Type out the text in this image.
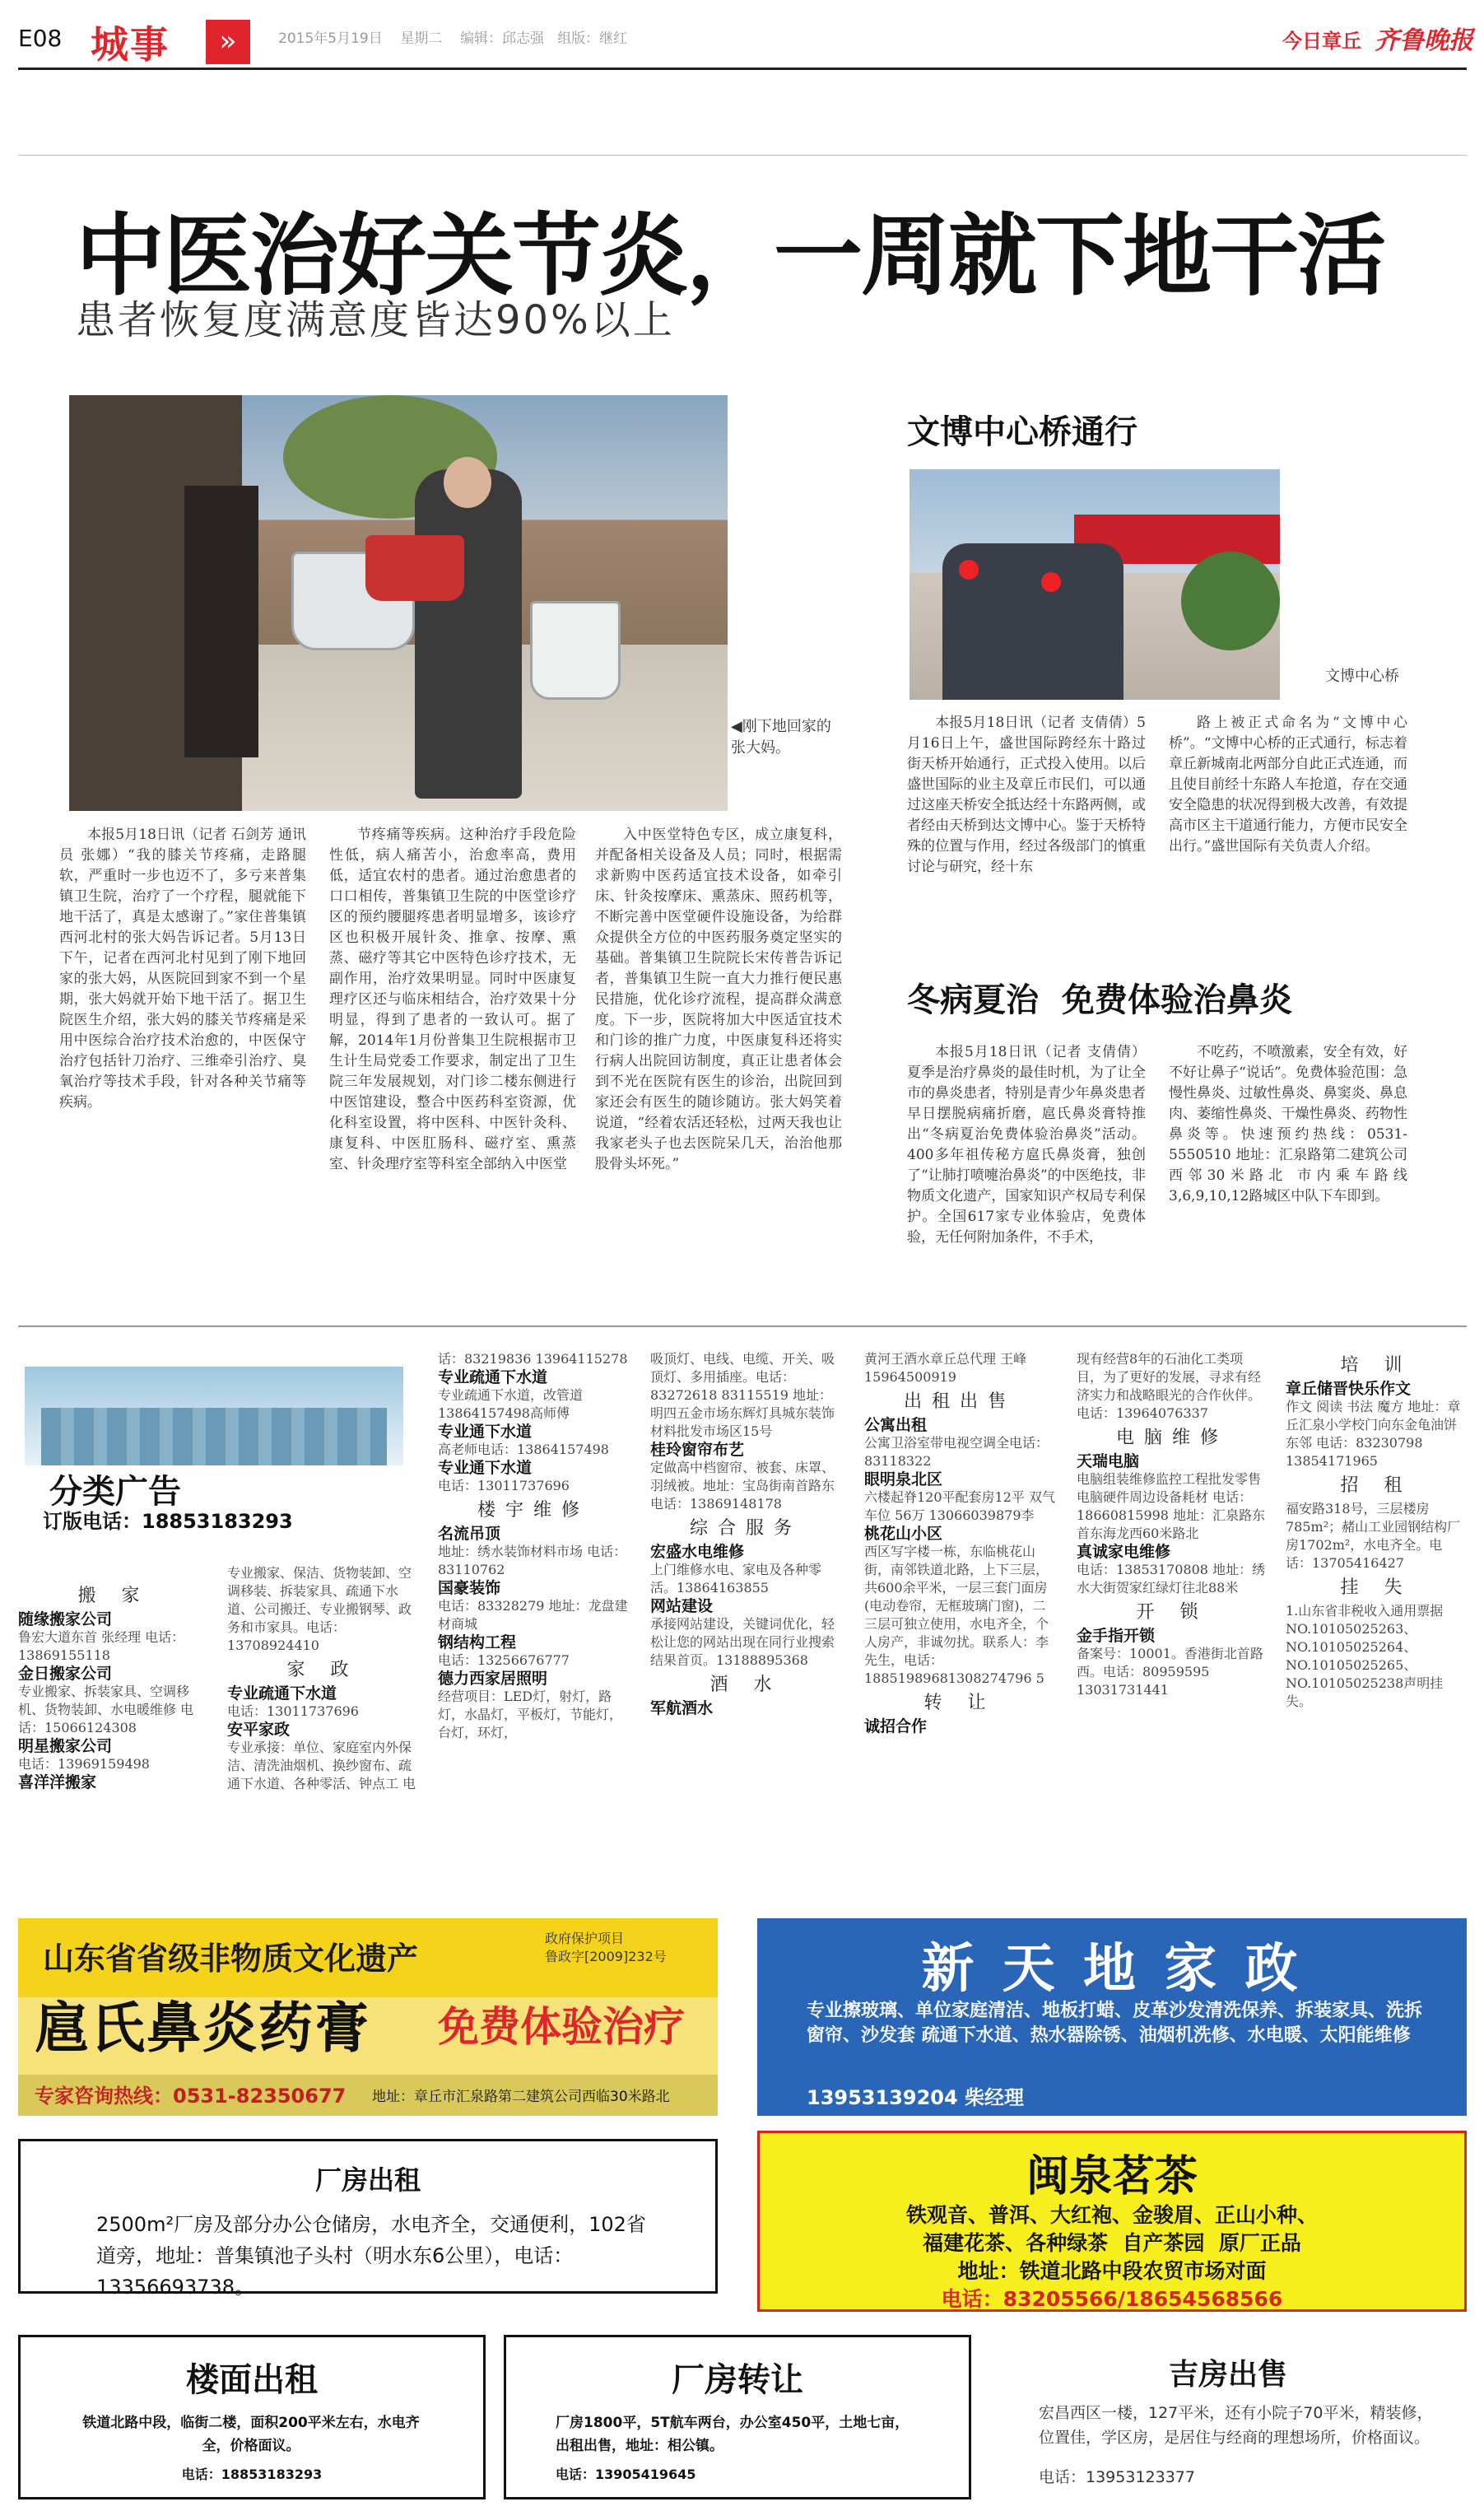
E08 城事	»	2015年5月19日 星期二 编辑：邱志强 组版：继红	今日章丘 齐鲁晚报
中医治好关节炎，一周就下地干活
患者恢复度满意度皆达90%以上
◀刚下地回家的张大妈。

本报5月18日讯（记者 石剑芳 通讯员 张娜）“我的膝关节疼痛，走路腿软，严重时一步也迈不了，多亏来普集镇卫生院，治疗了一个疗程，腿就能下地干活了，真是太感谢了。”家住普集镇西河北村的张大妈告诉记者。5月13日下午，记者在西河北村见到了刚下地回家的张大妈，从医院回到家不到一个星期，张大妈就开始下地干活了。据卫生院医生介绍，张大妈的膝关节疼痛是采用中医综合治疗技术治愈的，中医保守治疗包括针刀治疗、三维牵引治疗、臭氧治疗等技术手段，针对各种关节痛等疾病。

节疼痛等疾病。这种治疗手段危险性低，病人痛苦小，治愈率高，费用低，适宜农村的患者。通过治愈患者的口口相传，普集镇卫生院的中医堂诊疗区的预约腰腿疼患者明显增多，该诊疗区也积极开展针灸、推拿、按摩、熏蒸、磁疗等其它中医特色诊疗技术，无副作用，治疗效果明显。同时中医康复理疗区还与临床相结合，治疗效果十分明显，得到了患者的一致认可。据了解，2014年1月份普集卫生院根据市卫生计生局党委工作要求，制定出了卫生院三年发展规划，对门诊二楼东侧进行中医馆建设，整合中医药科室资源，优化科室设置，将中医科、中医针灸科、康复科、中医肛肠科、磁疗室、熏蒸室、针灸理疗室等科室全部纳入中医堂

入中医堂特色专区，成立康复科，并配备相关设备及人员；同时，根据需求新购中医药适宜技术设备，如牵引床、针灸按摩床、熏蒸床、照药机等，不断完善中医堂硬件设施设备，为给群众提供全方位的中医药服务奠定坚实的基础。普集镇卫生院院长宋传普告诉记者，普集镇卫生院一直大力推行便民惠民措施，优化诊疗流程，提高群众满意度。下一步，医院将加大中医适宜技术和门诊的推广力度，中医康复科还将实行病人出院回访制度，真正让患者体会到不光在医院有医生的诊治，出院回到家还会有医生的随诊随访。张大妈笑着说道，“经着农活还轻松，过两天我也让我家老头子也去医院呆几天，治治他那股骨头坏死。”

文博中心桥通行
文博中心桥

本报5月18日讯（记者 支倩倩）5月16日上午，盛世国际跨经东十路过街天桥开始通行，正式投入使用。以后盛世国际的业主及章丘市民们，可以通过这座天桥安全抵达经十东路两侧，或者经由天桥到达文博中心。鉴于天桥特殊的位置与作用，经过各级部门的慎重讨论与研究，经十东

路上被正式命名为“文博中心桥”。“文博中心桥的正式通行，标志着章丘新城南北两部分自此正式连通，而且使目前经十东路人车抢道，存在交通安全隐患的状况得到极大改善，有效提高市区主干道通行能力，方便市民安全出行。”盛世国际有关负责人介绍。

冬病夏治  免费体验治鼻炎

本报5月18日讯（记者 支倩倩）夏季是治疗鼻炎的最佳时机，为了让全市的鼻炎患者，特别是青少年鼻炎患者早日摆脱病痛折磨，扈氏鼻炎膏特推出“冬病夏治免费体验治鼻炎”活动。400多年祖传秘方扈氏鼻炎膏，独创了“让肺打喷嚏治鼻炎”的中医绝技，非物质文化遗产，国家知识产权局专利保护。全国617家专业体验店，免费体验，无任何附加条件，不手术，

不吃药，不喷激素，安全有效，好不好让鼻子“说话”。免费体验范围：急慢性鼻炎、过敏性鼻炎、鼻窦炎、鼻息肉、萎缩性鼻炎、干燥性鼻炎、药物性鼻炎等。快速预约热线：0531-5550510 地址：汇泉路第二建筑公司西邻30米路北 市内乘车路线3,6,9,10,12路城区中队下车即到。

分类广告
订版电话：18853183293
搬 家
随缘搬家公司
鲁宏大道东首 张经理 电话：13869155118
金日搬家公司
专业搬家、拆装家具、空调移机、货物装卸、水电暖维修 电话：15066124308
明星搬家公司
电话：13969159498
喜洋洋搬家
专业搬家、保洁、货物装卸、空调移装、拆装家具、疏通下水道、公司搬迁、专业搬钢琴、政务和市家具。电话：13708924410
家 政
专业疏通下水道
电话：13011737696
安平家政
专业承接：单位、家庭室内外保洁、清洗油烟机、换纱窗布、疏通下水道、各种零活、钟点工 电
话：83219836 13964115278
专业疏通下水道
专业疏通下水道，改管道13864157498高师傅
专业通下水道
高老师电话：13864157498
专业通下水道
电话：13011737696
楼宇维修
名流吊顶
地址：绣水装饰材料市场 电话：83110762
国豪装饰
电话：83328279 地址：龙盘建材商城
钢结构工程
电话：13256676777
德力西家居照明
经营项目：LED灯，射灯，路灯，水晶灯，平板灯，节能灯，台灯，环灯，
吸顶灯、电线、电缆、开关、吸顶灯、多用插座。电话：83272618 83115519 地址：明四五金市场东辉灯具城东装饰材料批发市场区15号
桂玲窗帘布艺
定做高中档窗帘、被套、床罩、羽绒被。地址：宝岛街南首路东 电话：13869148178
综合服务
宏盛水电维修
上门维修水电、家电及各种零活。13864163855
网站建设
承接网站建设，关键词优化，轻松让您的网站出现在同行业搜索结果首页。13188895368
酒 水
军航酒水
黄河王酒水章丘总代理 王峰 15964500919
出租出售
公寓出租
公寓卫浴室带电视空调全电话：83118322
眼明泉北区
六楼起脊120平配套房12平 双气 车位 56万 13066039879李
桃花山小区
西区写字楼一栋，东临桃花山街，南邻铁道北路，上下三层，共600余平米，一层三套门面房(电动卷帘，无框玻璃门窗)，二三层可独立使用，水电齐全，个人房产，非诚勿扰。联系人：李先生，电话：18851989681308274796 5
转 让
诚招合作
现有经营8年的石油化工类项目，为了更好的发展，寻求有经济实力和战略眼光的合作伙伴。电话：13964076337
电脑维修
天瑞电脑
电脑组装维修监控工程批发零售电脑硬件周边设备耗材 电话：18660815998 地址：汇泉路东首东海龙西60米路北
真诚家电维修
电话：13853170808 地址：绣水大街贺家红绿灯往北88米
开 锁
金手指开锁
备案号：10001。香港街北首路西。电话：80959595 13031731441
培 训
章丘储晋快乐作文
作文 阅读 书法 魔方 地址：章丘汇泉小学校门向东金龟油饼东邻 电话：83230798 13854171965
招 租
福安路318号，三层楼房785m²；赭山工业园钢结构厂房1702m²，水电齐全。电话：13705416427
挂 失
1.山东省非税收入通用票据NO.10105025263、NO.10105025264、NO.10105025265、NO.10105025238声明挂失。
山东省省级非物质文化遗产
政府保护项目
鲁政字[2009]232号
扈氏鼻炎药膏 免费体验治疗
专家咨询热线：0531-82350677 地址：章丘市汇泉路第二建筑公司西临30米路北
新 天 地 家 政
专业擦玻璃、单位家庭清洁、地板打蜡、皮革沙发清洗保养、拆装家具、洗拆窗帘、沙发套 疏通下水道、热水器除锈、油烟机洗修、水电暖、太阳能维修
13953139204 柴经理
厂房出租
2500m²厂房及部分办公仓储房，水电齐全，交通便利，102省道旁，地址：普集镇池子头村（明水东6公里），电话：13356693738。
闽泉茗茶
铁观音、普洱、大红袍、金骏眉、正山小种、
福建花茶、各种绿茶  自产茶园  原厂正品
地址：铁道北路中段农贸市场对面
电话：83205566/18654568566
楼面出租
铁道北路中段，临街二楼，面积200平米左右，水电齐全，价格面议。
电话：18853183293
厂房转让
厂房1800平，5T航车两台，办公室450平，土地七亩，出租出售，地址：相公镇。
电话：13905419645
吉房出售
宏昌西区一楼，127平米，还有小院子70平米，精装修，位置佳，学区房，是居住与经商的理想场所，价格面议。
电话：13953123377
